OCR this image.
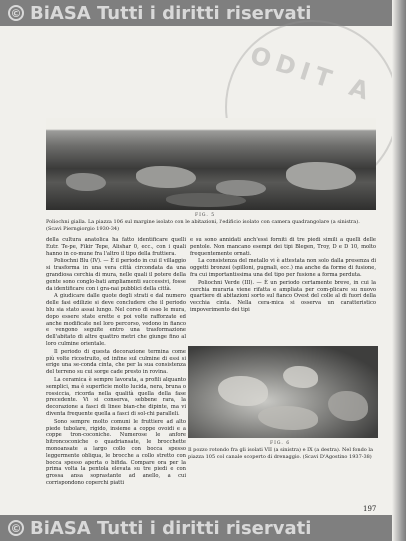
© BiASA Tutti i diritti riservati
ODIT A
FIG. 5
Poliochni gialla. La piazza 106 sul margine isolato con le abitazioni, l'edificio isolato con camera quadrangolare (a sinistra). (Scavi Pierngiorgio 1930-34)

della cultura anatolica ha fatto identificare quelli Eutr. Te-pe, Fikir Tepe, Alishar 0, ecc., con i quali hanno in co-mune fra l'altro il tipo della fruttiera.

Poliochni Blu (IV). — È il periodo in cui il villaggio si trasforma in una vera città circondata da una grandiosa cerchia di mura, nelle quali il potere della gente sono conglo-bati ampliamenti successivi, fosse da identificare con i gra-nai pubblici della città.

A giudicare dalle quote degli strati e dal numero delle fasi edilizie si deve concludere che il periodo blu sia stato assai lungo. Nel corso di esso le mura, dopo essere state erette e poi volte rafforzate ed anche modificate nel loro percorso, vedono in fianco e vengono seguite entro una trasformazione dell'abitato di altre quattro metri che giunge fino al loro culmine orientale.

Il periodo di questa decorazione termina come più volte ricostruito, ed infine sul culmine di essi si erige una se-conda cinta, che per la sua consistenza del terreno su cui sorge cade presto in rovina.

La ceramica è sempre lavorata, a profili alquanto semplici, ma è superficie molto lucida, nera, bruna o rossiccia, ricorda nella qualità quella della fase precedente. Vi si conserva, sebbene rara, la decorazione a fasci di linee bian-che dipinte, ma vi diventa frequente quella a fasci di sol-chi paralleli.

Sono sempre molto comuni le fruttiere ad alto piede tubolare, rigido, insieme a coppe ovoidi e a coppe tron-coconiche. Numerose le anfore bitroncoconiche o quadriansate, le brocchette monoansate a largo collo con bocca spesso leggermente obliqua, le brocche a collo stretto con bocca spesso aperta o bifida. Compare ora per la prima volta la pentola elevata su tre piedi e con grossa ansa soprastante ad anello, a cui corrispondono coperchi piatti

e su sono annidati anch'essi forniti di tre piedi simili a quelli delle pentole. Non mancano esempi dei tipi Blegen, Troy, D e D 10, molto frequentemente ornati.

La consistenza del metallo vi è attestata non solo dalla presenza di oggetti bronzei (spilloni, pugnali, ecc.) ma anche da forme di fusione, fra cui importantissima una del tipo per fusione a forma perduta.

Poliochni Verde (III). — È un periodo certamente breve, in cui la cerchia muraria viene rifatta e ampliata per com-plicare su nuovo quartiere di abitazioni sorto sul fianco Ovest del colle al di fuori della vecchia cinta. Nella cera-mica si osserva un caratteristico impoverimento dei tipi

FIG. 6
Il pozzo rotondo fra gli isolati VII (a sinistra) e IX (a destra). Nel fondo la piazza 105 col canale scoperto di drenaggio. (Scavi D'Agostino 1937-38)
197
© BiASA Tutti i diritti riservati
